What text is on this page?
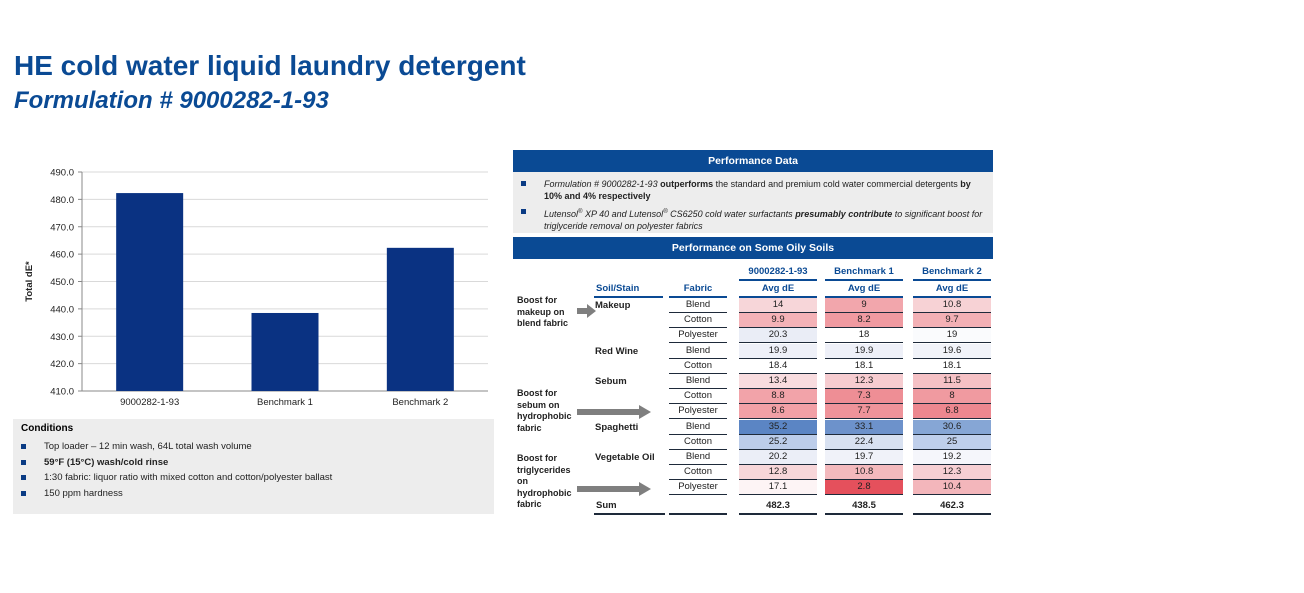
HE cold water liquid laundry detergent
Formulation # 9000282-1-93
410.0
420.0
430.0
440.0
450.0
460.0
470.0
480.0
490.0
9000282-1-93	Benchmark 1	Benchmark 2
Total dE*
Conditions
Top loader – 12 min wash, 64L total wash volume
59°F (15°C) wash/cold rinse
1:30 fabric: liquor ratio with mixed cotton and cotton/polyester ballast
150 ppm hardness
Performance Data
Formulation # 9000282-1-93 outperforms the standard and premium cold water commercial detergents by 10% and 4% respectively
Lutensol® XP 40 and Lutensol® CS6250 cold water surfactants presumably contribute to significant boost for triglyceride removal on polyester fabrics
Performance on Some Oily Soils
9000282-1-93	Benchmark 1	Benchmark 2
Soil/Stain	Fabric	Avg dE	Avg dE	Avg dE
Boost for makeup on blend fabric
Boost for sebum on hydrophobic fabric
Boost for triglycerides on hydrophobic fabric
Makeup	Blend	14	9	10.8
Cotton	9.9	8.2	9.7
Polyester	20.3	18	19
Red Wine	Blend	19.9	19.9	19.6
Cotton	18.4	18.1	18.1
Sebum	Blend	13.4	12.3	11.5
Cotton	8.8	7.3	8
Polyester	8.6	7.7	6.8
Spaghetti	Blend	35.2	33.1	30.6
Cotton	25.2	22.4	25
Vegetable Oil	Blend	20.2	19.7	19.2
Cotton	12.8	10.8	12.3
Polyester	17.1	2.8	10.4
Sum	482.3	438.5	462.3
